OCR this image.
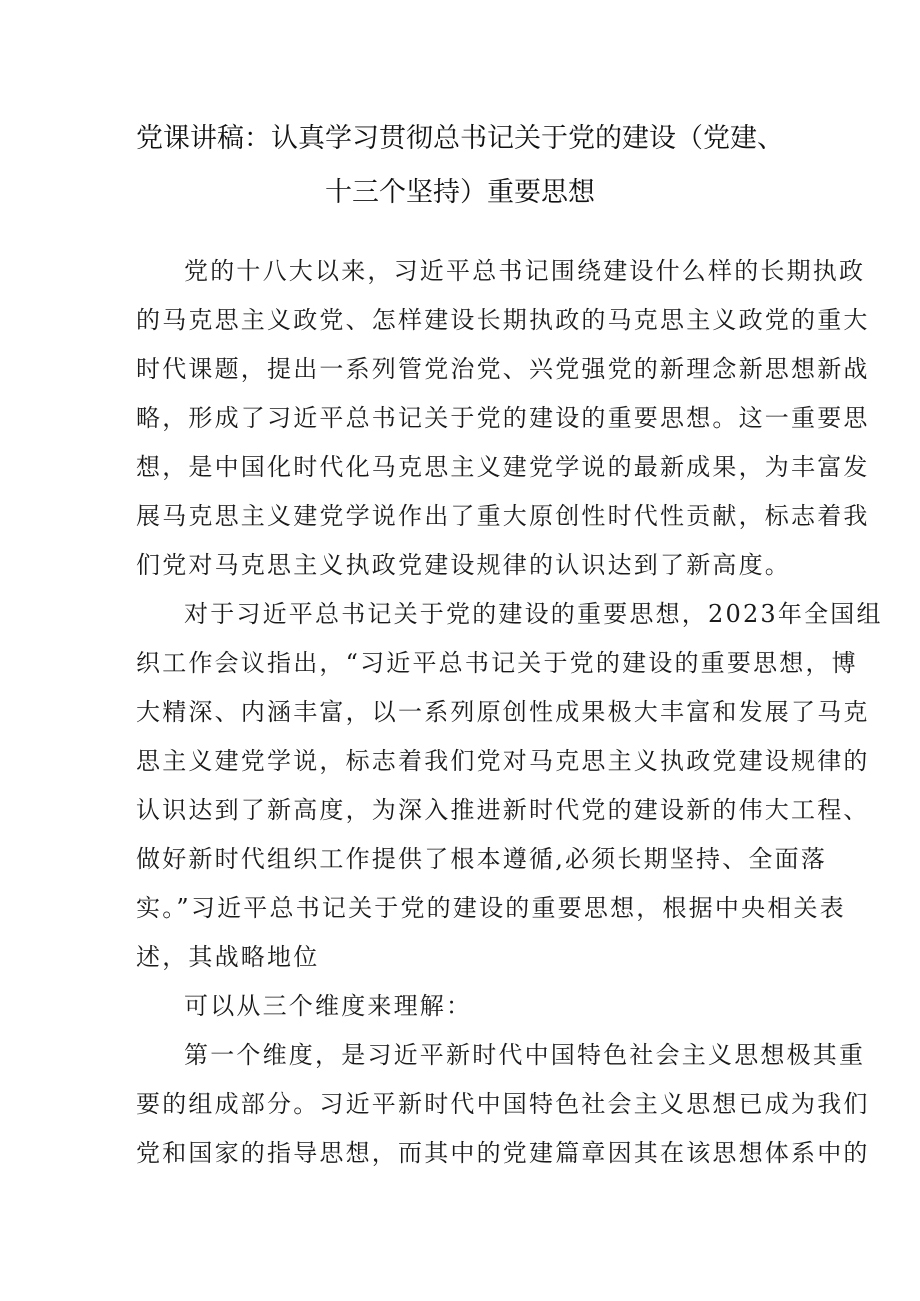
党课讲稿：认真学习贯彻总书记关于党的建设（党建、
十三个坚持）重要思想
党的十八大以来，习近平总书记围绕建设什么样的长期执政
的马克思主义政党、怎样建设长期执政的马克思主义政党的重大
时代课题，提出一系列管党治党、兴党强党的新理念新思想新战
略，形成了习近平总书记关于党的建设的重要思想。这一重要思
想，是中国化时代化马克思主义建党学说的最新成果，为丰富发
展马克思主义建党学说作出了重大原创性时代性贡献，标志着我
们党对马克思主义执政党建设规律的认识达到了新高度。
对于习近平总书记关于党的建设的重要思想，2023年全国组
织工作会议指出，“习近平总书记关于党的建设的重要思想，博
大精深、内涵丰富，以一系列原创性成果极大丰富和发展了马克
思主义建党学说，标志着我们党对马克思主义执政党建设规律的
认识达到了新高度，为深入推进新时代党的建设新的伟大工程、
做好新时代组织工作提供了根本遵循,必须长期坚持、全面落
实。”习近平总书记关于党的建设的重要思想，根据中央相关表
述，其战略地位
可以从三个维度来理解：
第一个维度，是习近平新时代中国特色社会主义思想极其重
要的组成部分。习近平新时代中国特色社会主义思想已成为我们
党和国家的指导思想，而其中的党建篇章因其在该思想体系中的
